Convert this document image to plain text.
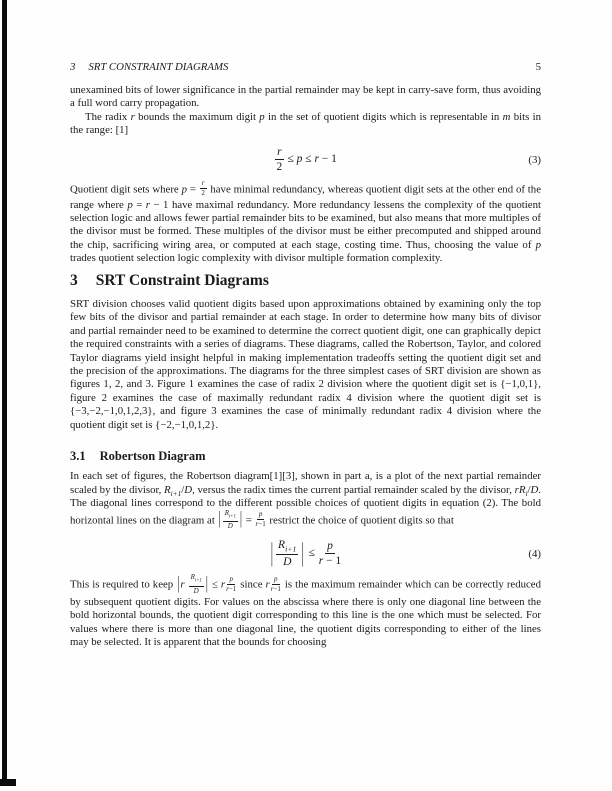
3 SRT CONSTRAINT DIAGRAMS	5

unexamined bits of lower significance in the partial remainder may be kept in carry-save form, thus avoiding a full word carry propagation.

The radix r bounds the maximum digit p in the set of quotient digits which is representable in m bits in the range: [1]

$\frac{r}{2} \le p \le r - 1$	(3)

Quotient digit sets where $p = \frac{r}{2}$ have minimal redundancy, whereas quotient digit sets at the other end of the range where p = r − 1 have maximal redundancy. More redundancy lessens the complexity of the quotient selection logic and allows fewer partial remainder bits to be examined, but also means that more multiples of the divisor must be formed. These multiples of the divisor must be either precomputed and shipped around the chip, sacrificing wiring area, or computed at each stage, costing time. Thus, choosing the value of p trades quotient selection logic complexity with divisor multiple formation complexity.

3 SRT Constraint Diagrams

SRT division chooses valid quotient digits based upon approximations obtained by examining only the top few bits of the divisor and partial remainder at each stage. In order to determine how many bits of divisor and partial remainder need to be examined to determine the correct quotient digit, one can graphically depict the required constraints with a series of diagrams. These diagrams, called the Robertson, Taylor, and colored Taylor diagrams yield insight helpful in making implementation tradeoffs setting the quotient digit set and the precision of the approximations. The diagrams for the three simplest cases of SRT division are shown as figures 1, 2, and 3. Figure 1 examines the case of radix 2 division where the quotient digit set is {−1,0,1}, figure 2 examines the case of maximally redundant radix 4 division where the quotient digit set is {−3,−2,−1,0,1,2,3}, and figure 3 examines the case of minimally redundant radix 4 division where the quotient digit set is {−2,−1,0,1,2}.

3.1 Robertson Diagram

In each set of figures, the Robertson diagram[1][3], shown in part a, is a plot of the next partial remainder scaled by the divisor, $R_{i+1}/D$, versus the radix times the current partial remainder scaled by the divisor, $rR_i/D$. The diagonal lines correspond to the different possible choices of quotient digits in equation (2). The bold horizontal lines on the diagram at | $\frac{R_{i+1}}{D}$ | = $\frac{p}{r-1}$ restrict the choice of quotient digits so that

| $\frac{R_{i+1}}{D}$ | ≤ $\frac{p}{r - 1}$	(4)

This is required to keep $|r \frac{R_{i+1}}{D}$ | ≤ r $\frac{p}{r-1}$ since r $\frac{p}{r-1}$ is the maximum remainder which can be correctly reduced by subsequent quotient digits. For values on the abscissa where there is only one diagonal line between the bold horizontal bounds, the quotient digit corresponding to this line is the one which must be selected. For values where there is more than one diagonal line, the quotient digits corresponding to either of the lines may be selected. It is apparent that the bounds for choosing
